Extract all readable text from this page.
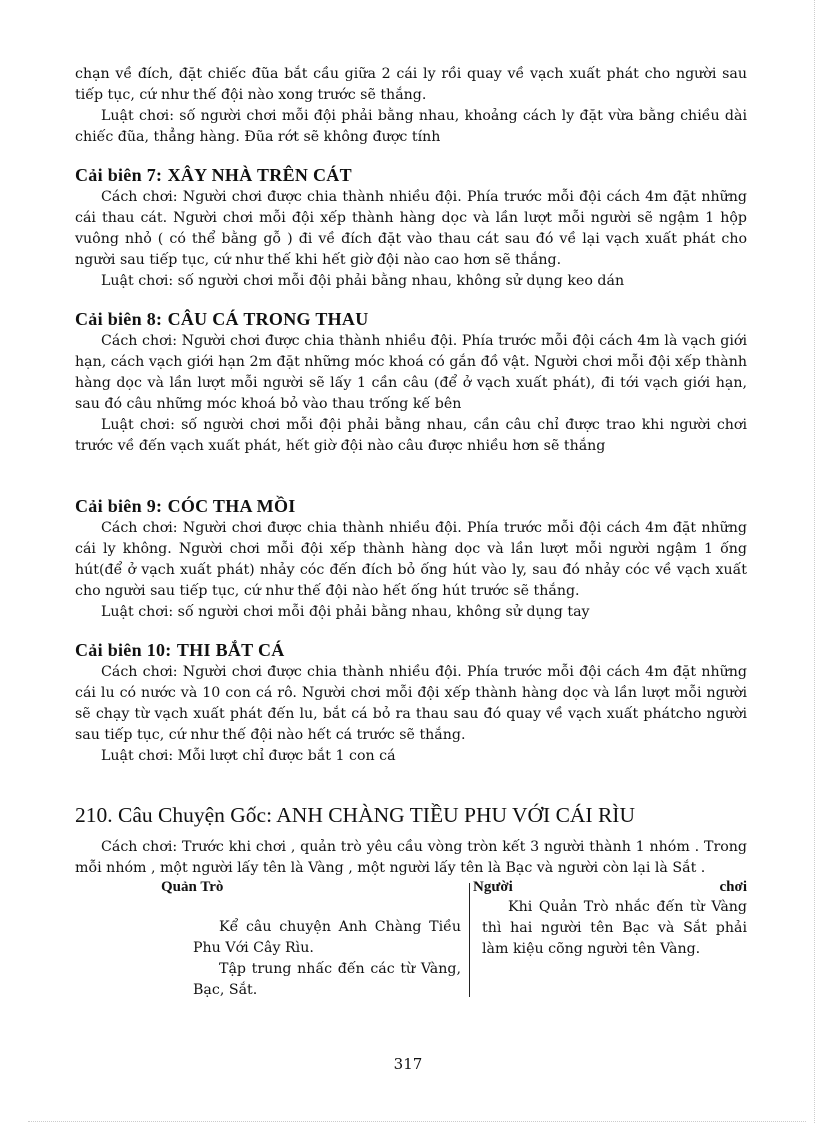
chạn về đích, đặt chiếc đũa bắt cầu giữa 2 cái ly rồi quay về vạch xuất phát cho người sau tiếp tục, cứ như thế đội nào xong trước sẽ thắng.

Luật chơi: số người chơi mỗi đội phải bằng nhau, khoảng cách ly đặt vừa bằng chiều dài chiếc đũa, thẳng hàng. Đũa rớt sẽ không được tính

Cải biên 7: XÂY NHÀ TRÊN CÁT

Cách chơi: Người chơi được chia thành nhiều đội. Phía trước mỗi đội cách 4m đặt những cái thau cát. Người chơi mỗi đội xếp thành hàng dọc và lần lượt mỗi người sẽ ngậm 1 hộp vuông nhỏ ( có thể bằng gỗ ) đi về đích đặt vào thau cát sau đó về lại vạch xuất phát cho người sau tiếp tục, cứ như thế khi hết giờ đội nào cao hơn sẽ thắng.

Luật chơi: số người chơi mỗi đội phải bằng nhau, không sử dụng keo dán

Cải biên 8: CÂU CÁ TRONG THAU

Cách chơi: Người chơi được chia thành nhiều đội. Phía trước mỗi đội cách 4m là vạch giới hạn, cách vạch giới hạn 2m đặt những móc khoá có gắn đồ vật. Người chơi mỗi đội xếp thành hàng dọc và lần lượt mỗi người sẽ lấy 1 cần câu (để ở vạch xuất phát), đi tới vạch giới hạn, sau đó câu những móc khoá bỏ vào thau trống kế bên

Luật chơi: số người chơi mỗi đội phải bằng nhau, cần câu chỉ được trao khi người chơi trước về đến vạch xuất phát, hết giờ đội nào câu được nhiều hơn sẽ thắng

Cải biên 9: CÓC THA MỒI

Cách chơi: Người chơi được chia thành nhiều đội. Phía trước mỗi đội cách 4m đặt những cái ly không. Người chơi mỗi đội xếp thành hàng dọc và lần lượt mỗi người ngậm 1 ống hút(để ở vạch xuất phát) nhảy cóc đến đích bỏ ống hút vào ly, sau đó nhảy cóc về vạch xuất cho người sau tiếp tục, cứ như thế đội nào hết ống hút trước sẽ thắng.

Luật chơi: số người chơi mỗi đội phải bằng nhau, không sử dụng tay

Cải biên 10: THI BẮT CÁ

Cách chơi: Người chơi được chia thành nhiều đội. Phía trước mỗi đội cách 4m đặt những cái lu có nước và 10 con cá rô. Người chơi mỗi đội xếp thành hàng dọc và lần lượt mỗi người sẽ chạy từ vạch xuất phát đến lu, bắt cá bỏ ra thau sau đó quay về vạch xuất phátcho người sau tiếp tục, cứ như thế đội nào hết cá trước sẽ thắng.

Luật chơi: Mỗi lượt chỉ được bắt 1 con cá

210. Câu Chuyện Gốc: ANH CHÀNG TIỀU PHU VỚI CÁI RÌU

Cách chơi: Trước khi chơi , quản trò yêu cầu vòng tròn kết 3 người thành 1 nhóm . Trong mỗi nhóm , một người lấy tên là Vàng , một người lấy tên là Bạc và người còn lại là Sắt .

Quản Trò	Người	chơi

Kể câu chuyện Anh Chàng Tiều Phu Với Cây Rìu.

Tập trung nhấc đến các từ Vàng, Bạc, Sắt.

Khi Quản Trò nhắc đến từ Vàng thì hai người tên Bạc và Sắt phải làm kiệu cõng người tên Vàng.

317
